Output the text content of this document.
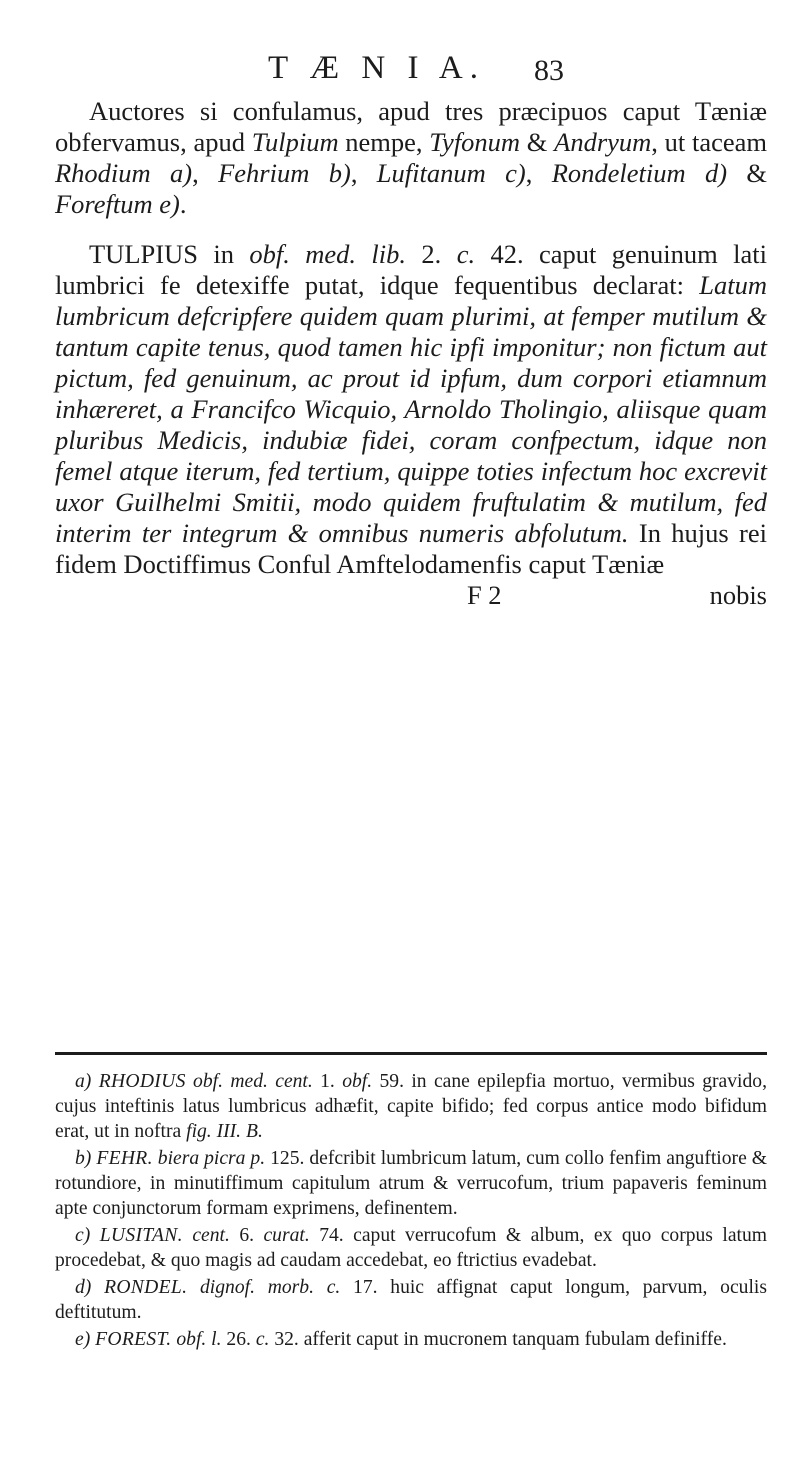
T Æ N I A. 83

Auctores si confulamus, apud tres præcipuos caput Tæniæ obfervamus, apud Tulpium nempe, Tyfonum & Andryum, ut taceam Rhodium a), Fehrium b), Lufitanum c), Rondeletium d) & Foreftum e).

TULPIUS in obf. med. lib. 2. c. 42. caput genuinum lati lumbrici fe detexiffe putat, idque fequentibus declarat: Latum lumbricum defcripfere quidem quam plurimi, at femper mutilum & tantum capite tenus, quod tamen hic ipfi imponitur; non fictum aut pictum, fed genuinum, ac prout id ipfum, dum corpori etiamnum inhæreret, a Francifco Wicquio, Arnoldo Tholingio, aliisque quam pluribus Medicis, indubiæ fidei, coram confpectum, idque non femel atque iterum, fed tertium, quippe toties infectum hoc excrevit uxor Guilhelmi Smitii, modo quidem fruftulatim & mutilum, fed interim ter integrum & omnibus numeris abfolutum. In hujus rei fidem Doctiffimus Conful Amftelodamenfis caput Tæniæ

F 2	nobis

a) RHODIUS obf. med. cent. 1. obf. 59. in cane epilepfia mortuo, vermibus gravido, cujus inteftinis latus lumbricus adhæfit, capite bifido; fed corpus antice modo bifidum erat, ut in noftra fig. III. B.

b) FEHR. biera picra p. 125. defcribit lumbricum latum, cum collo fenfim anguftiore & rotundiore, in minutiffimum capitulum atrum & verrucofum, trium papaveris feminum apte conjunctorum formam exprimens, definentem.

c) LUSITAN. cent. 6. curat. 74. caput verrucofum & album, ex quo corpus latum procedebat, & quo magis ad caudam accedebat, eo ftrictius evadebat.

d) RONDEL. dignof. morb. c. 17. huic affignat caput longum, parvum, oculis deftitutum.

e) FOREST. obf. l. 26. c. 32. afferit caput in mucronem tanquam fubulam definiffe.
